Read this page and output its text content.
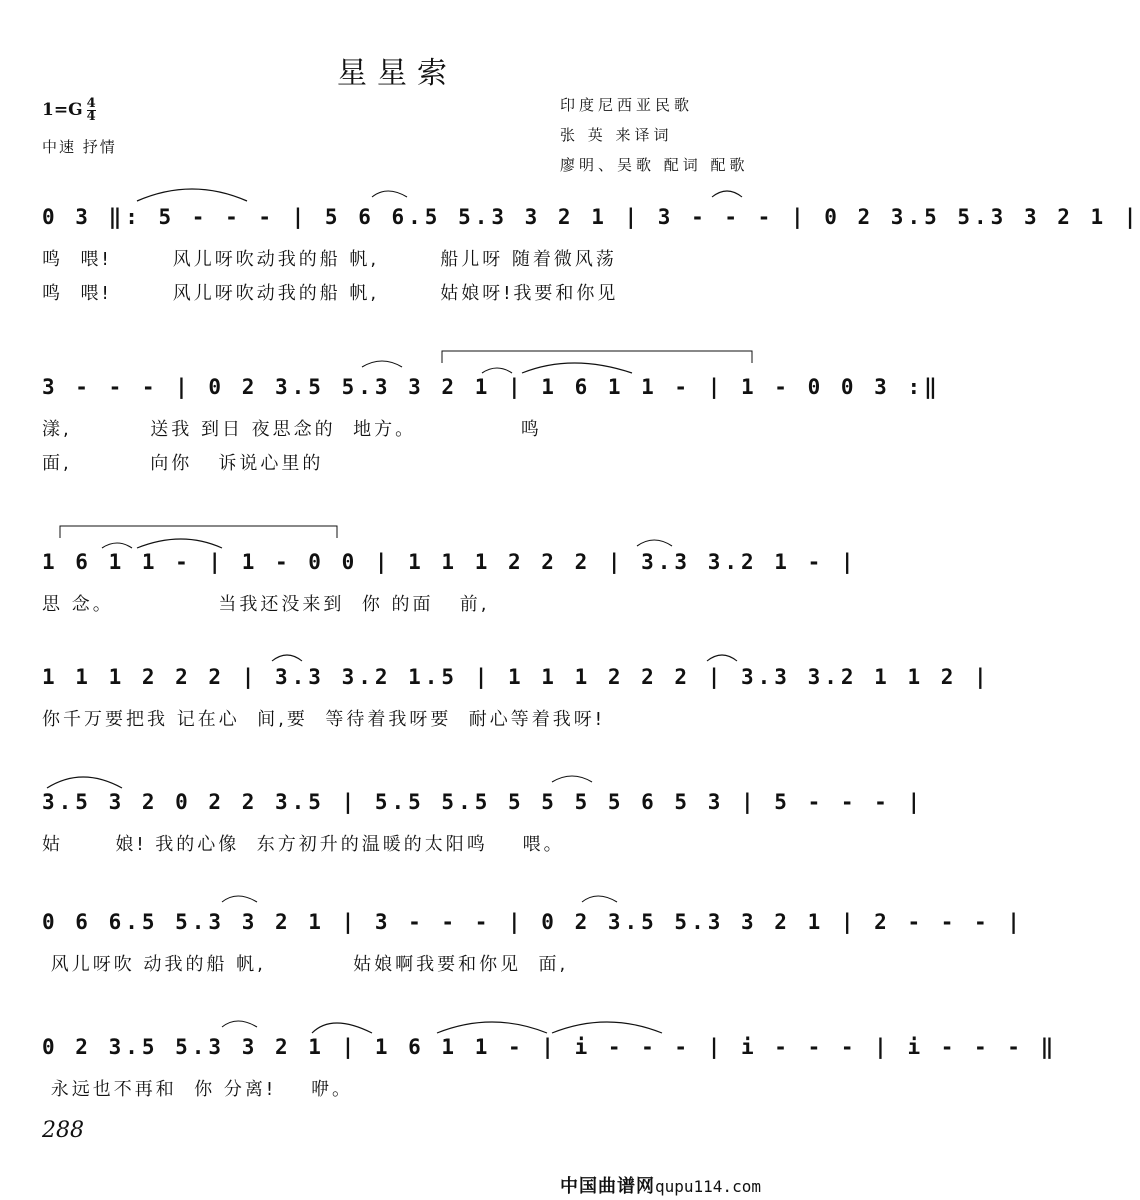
星星索
印度尼西亚民歌
张 英 来译词
廖明、吴歌 配词 配歌
$1=G \frac{4}{4}$
中速 抒情
0 3 ‖: 5 - - - | 5 6 6.5 5.3 3 2 1 | 3 - - - | 0 2 3.5 5.3 3 2 1 |
鸣  喂!       风儿呀吹动我的船 帆,       船儿呀 随着微风荡
鸣  喂!       风儿呀吹动我的船 帆,       姑娘呀!我要和你见
3 - - - | 0 2 3.5 5.3 3 2 1 | 1 6 1 1 - | 1 - 0 0 3 :‖
漾,         送我 到日 夜思念的  地方。            鸣
面,         向你   诉说心里的
1 6 1 1 - | 1 - 0 0 | 1 1 1 2 2 2 | 3.3 3.2 1 - |
思 念。            当我还没来到  你 的面   前,
1 1 1 2 2 2 | 3.3 3.2 1.5 | 1 1 1 2 2 2 | 3.3 3.2 1 1 2 |
你千万要把我 记在心  间,要  等待着我呀要  耐心等着我呀!
3.5 3 2 0 2 2 3.5 | 5.5 5.5 5 5 5 5 6 5 3 | 5 - - - |
姑      娘! 我的心像  东方初升的温暖的太阳鸣    喂。
0 6 6.5 5.3 3 2 1 | 3 - - - | 0 2 3.5 5.3 3 2 1 | 2 - - - |
风儿呀吹 动我的船 帆,          姑娘啊我要和你见  面,
0 2 3.5 5.3 3 2 1 | 1 6 1 1 - | i - - - | i - - - | i - - - ‖
永远也不再和  你 分离!    咿。
288
中国曲谱网qupu114.com
